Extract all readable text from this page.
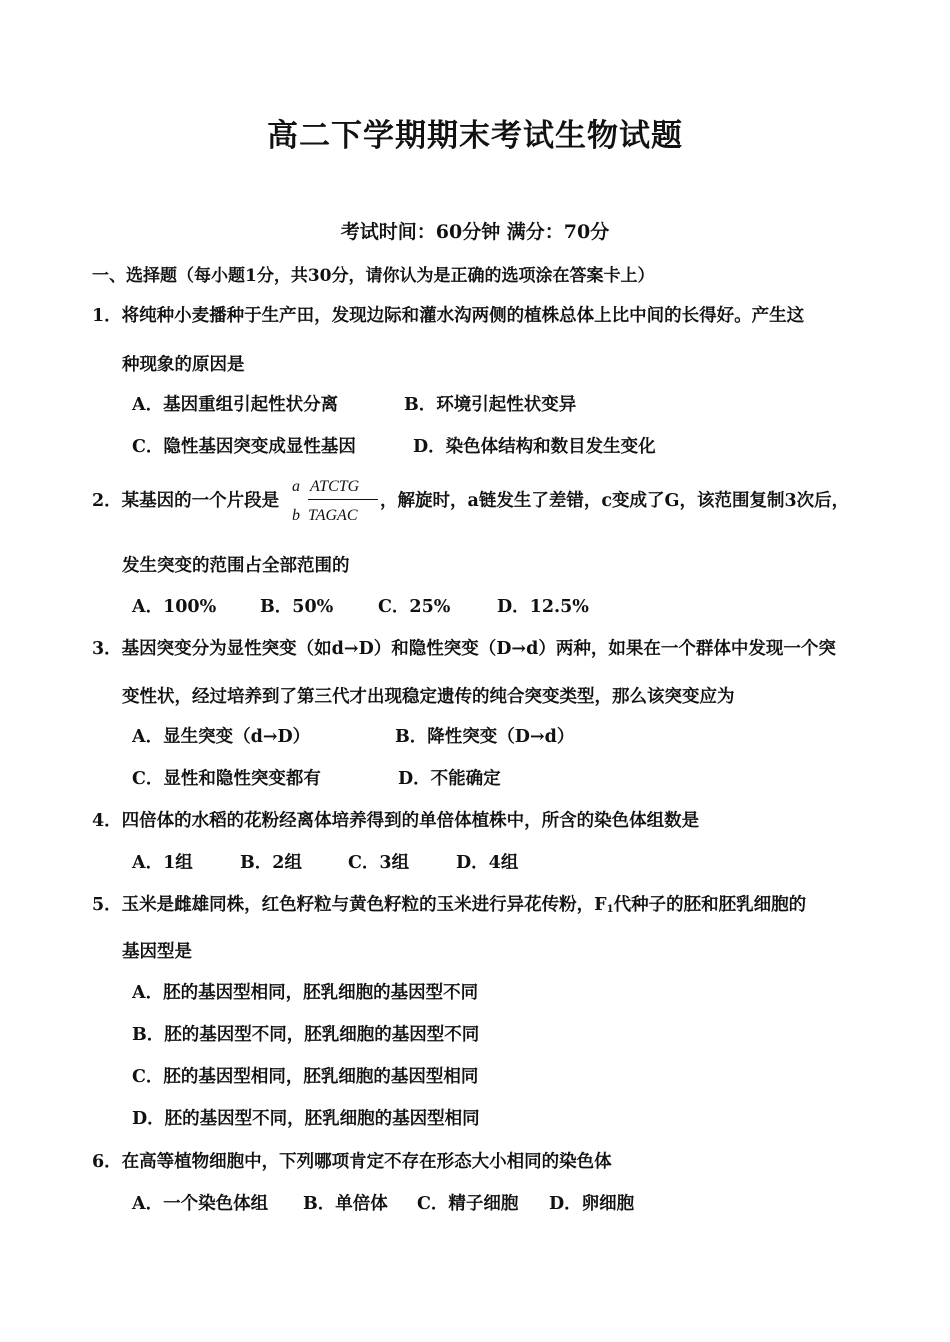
高二下学期期末考试生物试题
考试时间：60分钟 满分：70分
一、选择题（每小题1分，共30分，请你认为是正确的选项涂在答案卡上）
1．将纯种小麦播种于生产田，发现边际和灌水沟两侧的植株总体上比中间的长得好。产生这
种现象的原因是
A．基因重组引起性状分离	B．环境引起性状变异
C．隐性基因突变成显性基因	D．染色体结构和数目发生变化
2．某基因的一个片段是
a
b
ATCTG
TAGAC
，解旋时，a链发生了差错，c变成了G，该范围复制3次后，
发生突变的范围占全部范围的
A．100%	B．50%	C．25%	D．12.5%
3．基因突变分为显性突变（如d→D）和隐性突变（D→d）两种，如果在一个群体中发现一个突
变性状，经过培养到了第三代才出现稳定遗传的纯合突变类型，那么该突变应为
A．显生突变（d→D）	B．降性突变（D→d）
C．显性和隐性突变都有	D．不能确定
4．四倍体的水稻的花粉经离体培养得到的单倍体植株中，所含的染色体组数是
A．1组	B．2组	C．3组	D．4组
5．玉米是雌雄同株，红色籽粒与黄色籽粒的玉米进行异花传粉，$F_1$代种子的胚和胚乳细胞的
基因型是
A．胚的基因型相同，胚乳细胞的基因型不同
B．胚的基因型不同，胚乳细胞的基因型不同
C．胚的基因型相同，胚乳细胞的基因型相同
D．胚的基因型不同，胚乳细胞的基因型相同
6．在高等植物细胞中，下列哪项肯定不存在形态大小相同的染色体
A．一个染色体组 B．单倍体 C．精子细胞 D．卵细胞
